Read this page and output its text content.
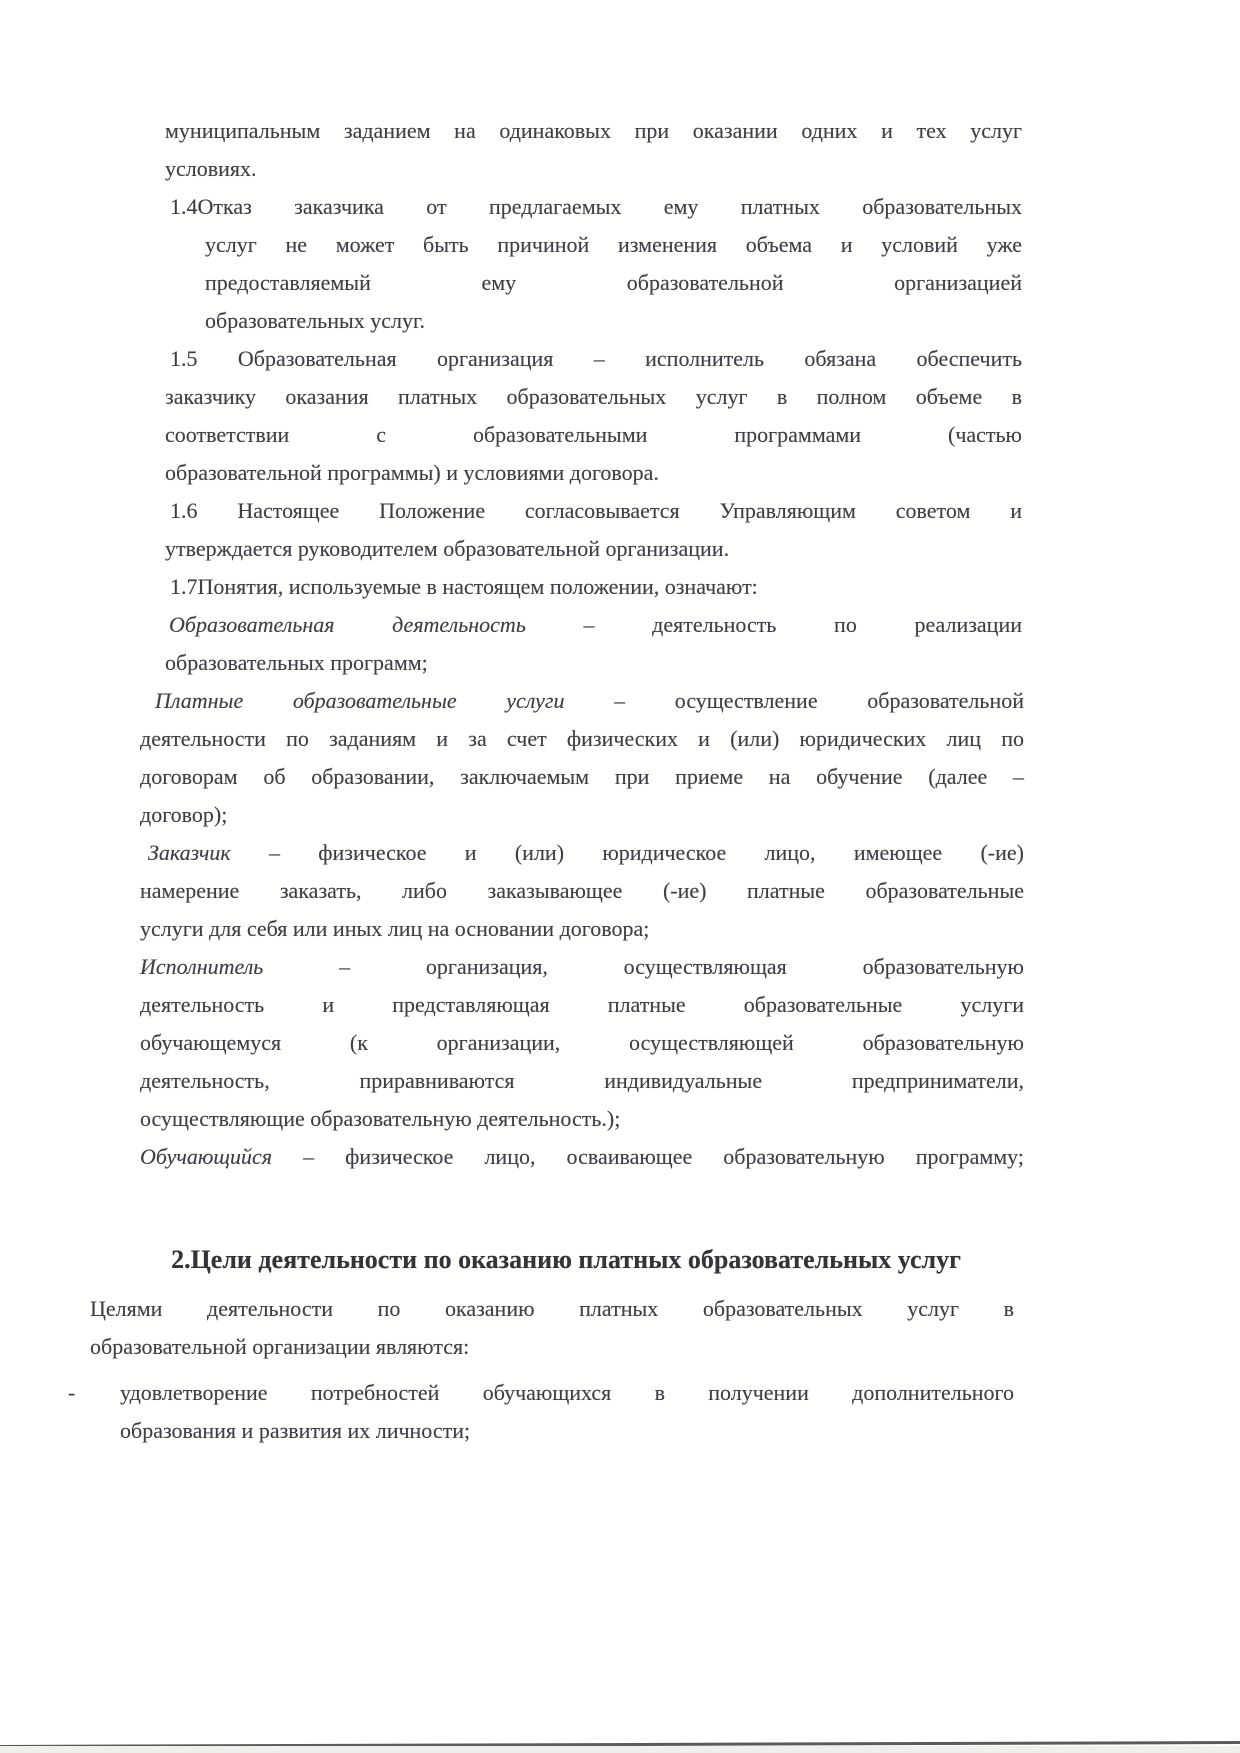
муниципальным заданием на одинаковых при оказании одних и тех услуг
условиях.
1.4Отказ заказчика от предлагаемых ему платных образовательных
услуг не может быть причиной изменения объема и условий уже
предоставляемый ему образовательной организацией
образовательных услуг.
1.5 Образовательная организация – исполнитель обязана обеспечить
заказчику оказания платных образовательных услуг в полном объеме в
соответствии с образовательными программами (частью
образовательной программы) и условиями договора.
1.6 Настоящее Положение согласовывается Управляющим советом и
утверждается руководителем образовательной организации.
1.7Понятия, используемые в настоящем положении, означают:
Образовательная деятельность	– деятельность по реализации
образовательных программ;
Платные образовательные услуги – осуществление образовательной
деятельности по заданиям и за счет физических и (или) юридических лиц по
договорам об образовании, заключаемым при приеме на обучение (далее –
договор);
Заказчик – физическое и (или) юридическое лицо, имеющее (-ие)
намерение заказать, либо заказывающее (-ие) платные образовательные
услуги для себя или иных лиц на основании договора;
Исполнитель	– организация, осуществляющая образовательную
деятельность и представляющая платные образовательные услуги
обучающемуся (к организации, осуществляющей образовательную
деятельность, приравниваются индивидуальные предприниматели,
осуществляющие образовательную деятельность.);
Обучающийся – физическое лицо, осваивающее образовательную программу;
2.Цели деятельности по оказанию платных образовательных услуг
Целями деятельности по оказанию платных образовательных услуг в
образовательной организации являются:
- удовлетворение потребностей обучающихся в получении дополнительного
образования и развития их личности;
